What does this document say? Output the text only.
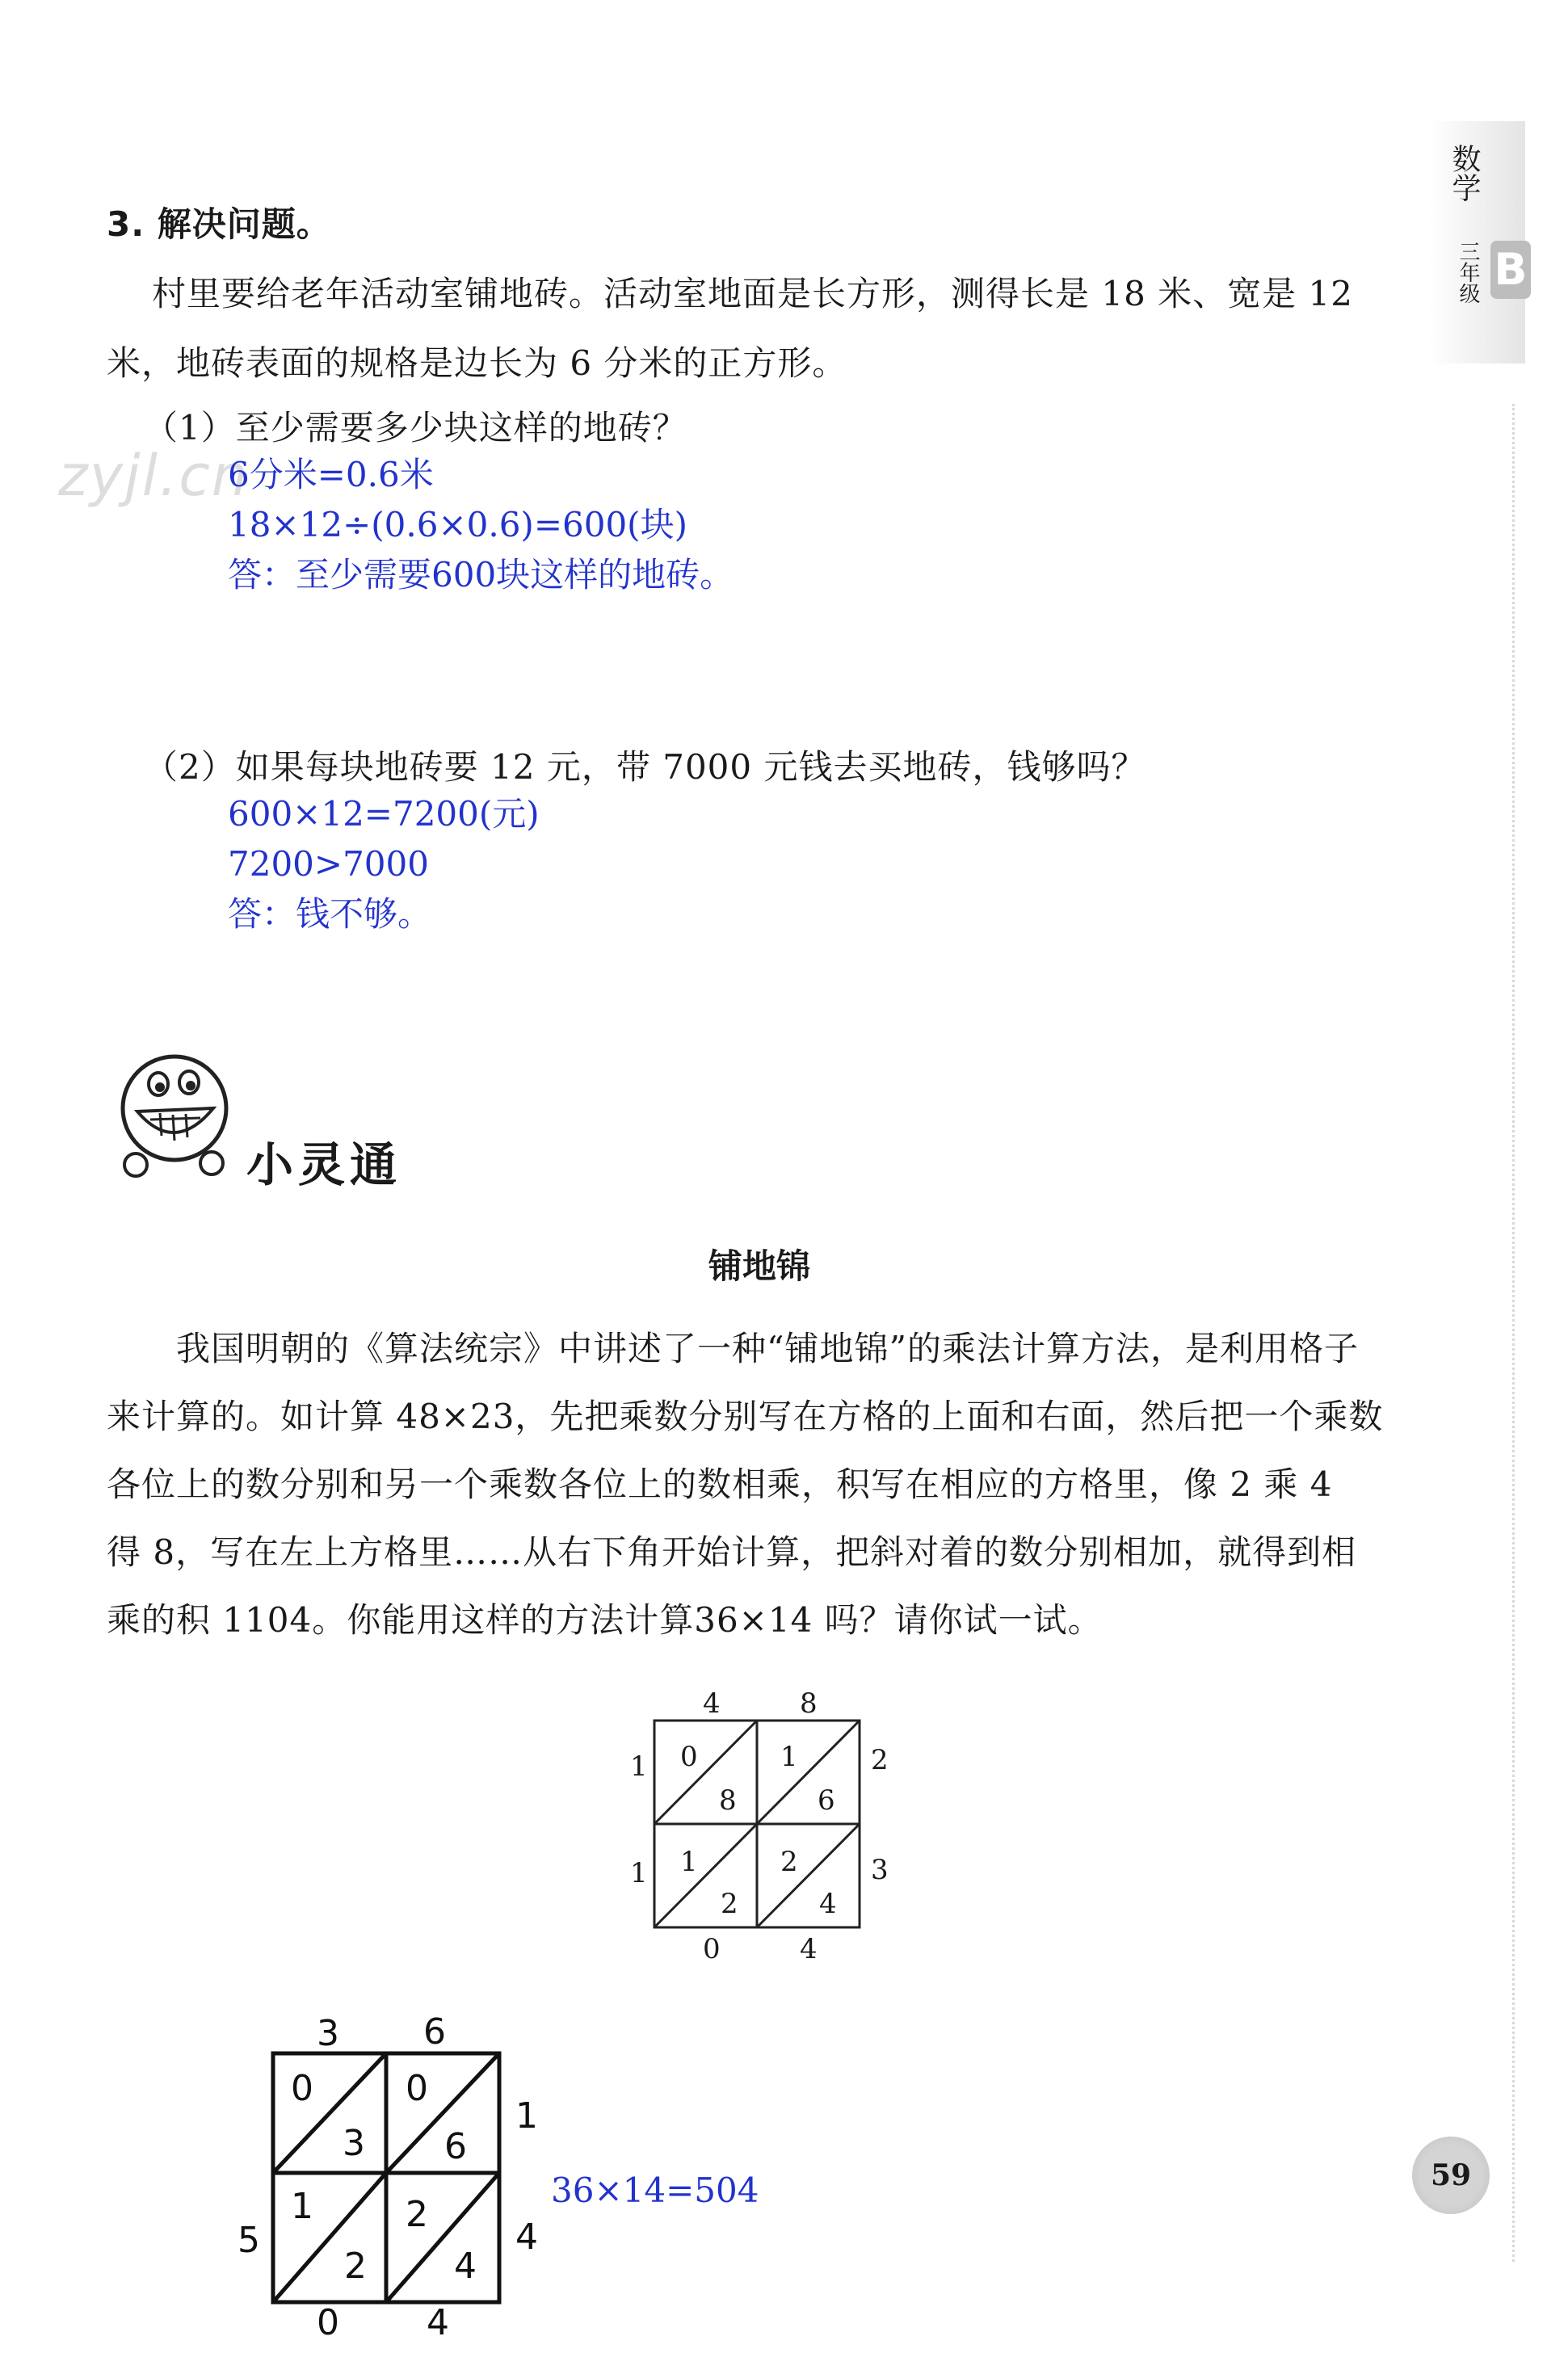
数学
三年级 B
59
zyjl.cn
3. 解决问题。
村里要给老年活动室铺地砖。活动室地面是长方形，测得长是 18 米、宽是 12
米，地砖表面的规格是边长为 6 分米的正方形。
（1）至少需要多少块这样的地砖？
6分米=0.6米
18×12÷(0.6×0.6)=600(块)
答：至少需要600块这样的地砖。
（2）如果每块地砖要 12 元，带 7000 元钱去买地砖，钱够吗？
600×12=7200(元)
7200>7000
答：钱不够。
小灵通
铺地锦
我国明朝的《算法统宗》中讲述了一种“铺地锦”的乘法计算方法，是利用格子
来计算的。如计算 48×23，先把乘数分别写在方格的上面和右面，然后把一个乘数
各位上的数分别和另一个乘数各位上的数相乘，积写在相应的方格里，像 2 乘 4
得 8，写在左上方格里……从右下角开始计算，把斜对着的数分别相加，就得到相
乘的积 1104。你能用这样的方法计算36×14 吗？请你试一试。
4	8
2
3
1
1
0	4
0
8
1
6
1
2
2
4
3 6
1
4
5
0 4
0
3
0
6
1
2
2
4
36×14=504
